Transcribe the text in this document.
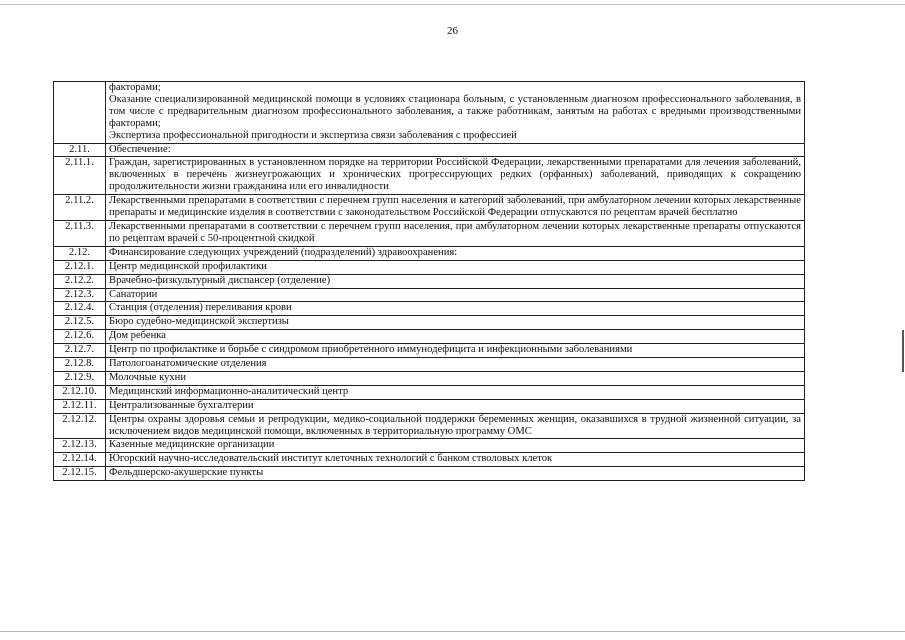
26

	факторами;
Оказание специализированной медицинской помощи в условиях стационара больным, с установленным диагнозом профессионального заболевания, в том числе с предварительным диагнозом профессионального заболевания, а также работникам, занятым на работах с вредными производственными факторами;
Экспертиза профессиональной пригодности и экспертиза связи заболевания с профессией

2.11.	Обеспечение:

2.11.1.	Граждан, зарегистрированных в установленном порядке на территории Российской Федерации, лекарственными препаратами для лечения заболеваний, включенных в перечень жизнеугрожающих и хронических прогрессирующих редких (орфанных) заболеваний, приводящих к сокращению продолжительности жизни гражданина или его инвалидности

2.11.2.	Лекарственными препаратами в соответствии с перечнем групп населения и категорий заболеваний, при амбулаторном лечении которых лекарственные препараты и медицинские изделия в соответствии с законодательством Российской Федерации отпускаются по рецептам врачей бесплатно

2.11.3.	Лекарственными препаратами в соответствии с перечнем групп населения, при амбулаторном лечении которых лекарственные препараты отпускаются по рецептам врачей с 50-процентной скидкой

2.12.	Финансирование следующих учреждений (подразделений) здравоохранения:

2.12.1.	Центр медицинской профилактики

2.12.2.	Врачебно-физкультурный диспансер (отделение)

2.12.3.	Санатории

2.12.4.	Станция (отделения) переливания крови

2.12.5.	Бюро судебно-медицинской экспертизы

2.12.6.	Дом ребенка

2.12.7.	Центр по профилактике и борьбе с синдромом приобретенного иммунодефицита и инфекционными заболеваниями

2.12.8.	Патологоанатомические отделения

2.12.9.	Молочные кухни

2.12.10.	Медицинский информационно-аналитический центр

2.12.11.	Централизованные бухгалтерии

2.12.12.	Центры охраны здоровья семьи и репродукции, медико-социальной поддержки беременных женщин, оказавшихся в трудной жизненной ситуации, за исключением видов медицинской помощи, включенных в территориальную программу ОМС

2.12.13.	Казенные медицинские организации

2.12.14.	Югорский научно-исследовательский институт клеточных технологий с банком стволовых клеток

2.12.15.	Фельдшерско-акушерские пункты
